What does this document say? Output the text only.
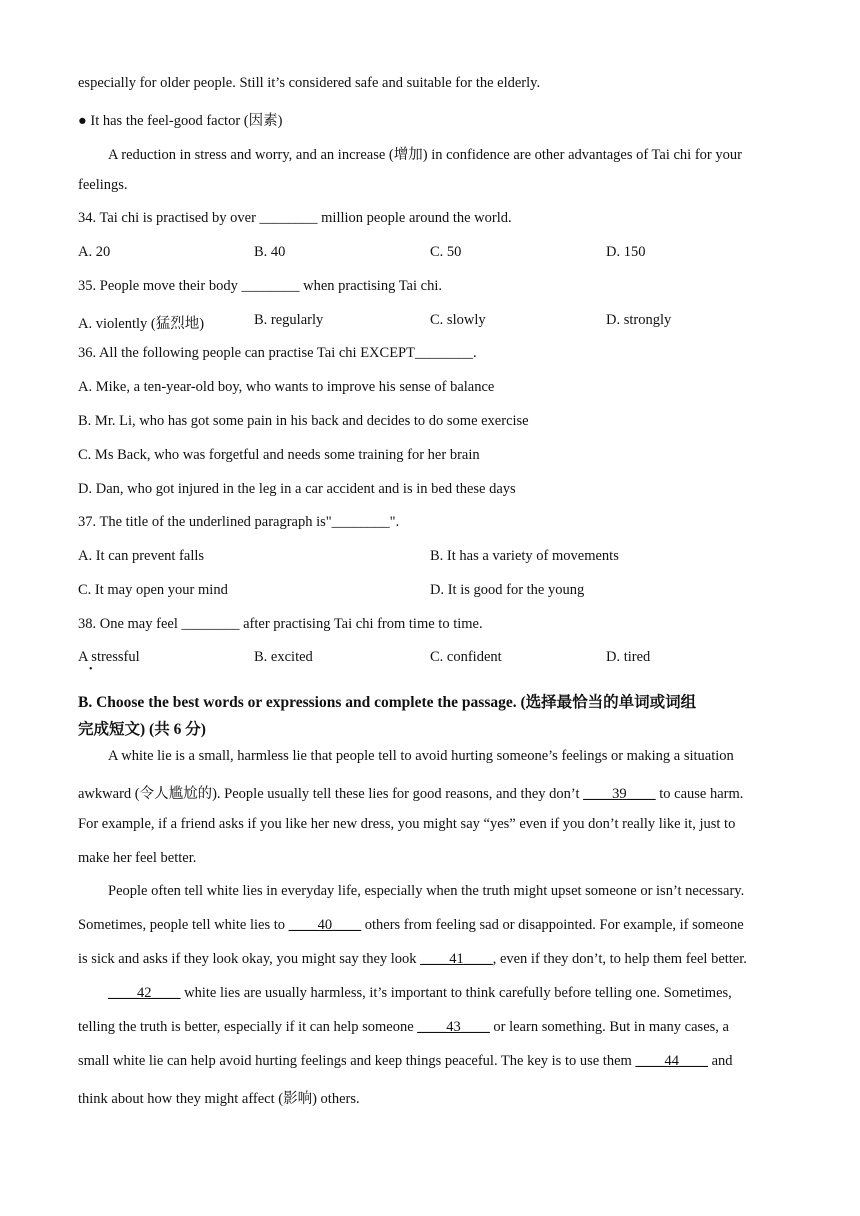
especially for older people. Still it’s considered safe and suitable for the elderly.
● It has the feel-good factor (因素)
A reduction in stress and worry, and an increase (增加) in confidence are other advantages of Tai chi for your
feelings.
34. Tai chi is practised by over ________ million people around the world.
A. 20	B. 40	C. 50	D. 150
35. People move their body ________ when practising Tai chi.
A. violently (猛烈地)	B. regularly	C. slowly	D. strongly
36. All the following people can practise Tai chi EXCEPT________.
A. Mike, a ten-year-old boy, who wants to improve his sense of balance
B. Mr. Li, who has got some pain in his back and decides to do some exercise
C. Ms Back, who was forgetful and needs some training for her brain
D. Dan, who got injured in the leg in a car accident and is in bed these days
37. The title of the underlined paragraph is"________".
A. It can prevent falls	B. It has a variety of movements
C. It may open your mind	D. It is good for the young
38. One may feel ________ after practising Tai chi from time to time.
A stressful
•
B. excited	C. confident	D. tired
B. Choose the best words or expressions and complete the passage. (选择最恰当的单词或词组
完成短文) (共 6 分)
A white lie is a small, harmless lie that people tell to avoid hurting someone’s feelings or making a situation
awkward (令人尴尬的). People usually tell these lies for good reasons, and they don’t ____39____ to cause harm.
For example, if a friend asks if you like her new dress, you might say “yes” even if you don’t really like it, just to
make her feel better.
People often tell white lies in everyday life, especially when the truth might upset someone or isn’t necessary.
Sometimes, people tell white lies to ____40____ others from feeling sad or disappointed. For example, if someone
is sick and asks if they look okay, you might say they look ____41____, even if they don’t, to help them feel better.
____42____ white lies are usually harmless, it’s important to think carefully before telling one. Sometimes,
telling the truth is better, especially if it can help someone ____43____ or learn something. But in many cases, a
small white lie can help avoid hurting feelings and keep things peaceful. The key is to use them ____44____ and
think about how they might affect (影响) others.
